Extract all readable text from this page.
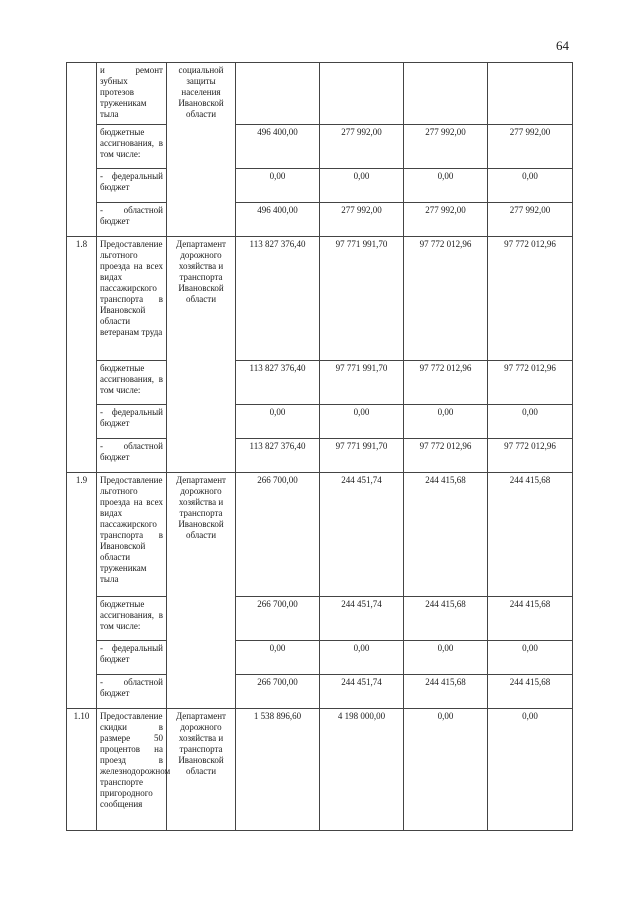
64
	и ремонт зубных протезов труженикам тыла	социальной защиты населения Ивановской области				
	бюджетные ассигнования, в том числе:		496 400,00	277 992,00	277 992,00	277 992,00
	- федеральный бюджет		0,00	0,00	0,00	0,00
	- областной бюджет		496 400,00	277 992,00	277 992,00	277 992,00
1.8	Предоставление льготного проезда на всех видах пассажирского транспорта в Ивановской области ветеранам труда	Департамент дорожного хозяйства и транспорта Ивановской области	113 827 376,40	97 771 991,70	97 772 012,96	97 772 012,96
	бюджетные ассигнования, в том числе:		113 827 376,40	97 771 991,70	97 772 012,96	97 772 012,96
	- федеральный бюджет		0,00	0,00	0,00	0,00
	- областной бюджет		113 827 376,40	97 771 991,70	97 772 012,96	97 772 012,96
1.9	Предоставление льготного проезда на всех видах пассажирского транспорта в Ивановской области труженикам тыла	Департамент дорожного хозяйства и транспорта Ивановской области	266 700,00	244 451,74	244 415,68	244 415,68
	бюджетные ассигнования, в том числе:		266 700,00	244 451,74	244 415,68	244 415,68
	- федеральный бюджет		0,00	0,00	0,00	0,00
	- областной бюджет		266 700,00	244 451,74	244 415,68	244 415,68
1.10	Предоставление скидки в размере 50 процентов на проезд в железнодорожном транспорте пригородного сообщения	Департамент дорожного хозяйства и транспорта Ивановской области	1 538 896,60	4 198 000,00	0,00	0,00
